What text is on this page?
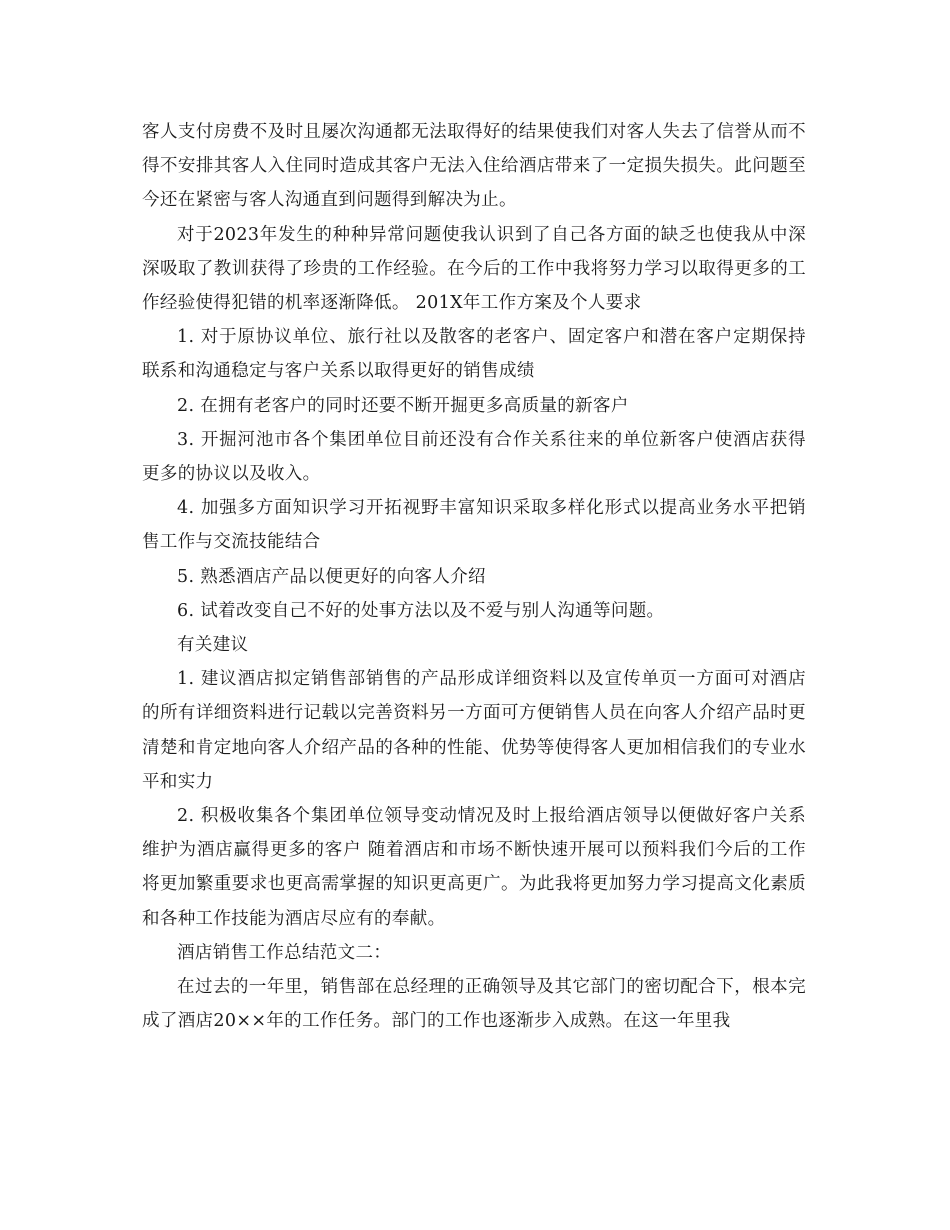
客人支付房费不及时且屡次沟通都无法取得好的结果使我们对客人失去了信誉从而不得不安排其客人入住同时造成其客户无法入住给酒店带来了一定损失损失。此问题至今还在紧密与客人沟通直到问题得到解决为止。

对于2023年发生的种种异常问题使我认识到了自己各方面的缺乏也使我从中深深吸取了教训获得了珍贵的工作经验。在今后的工作中我将努力学习以取得更多的工作经验使得犯错的机率逐渐降低。 201X年工作方案及个人要求

1. 对于原协议单位、旅行社以及散客的老客户、固定客户和潜在客户定期保持联系和沟通稳定与客户关系以取得更好的销售成绩

2. 在拥有老客户的同时还要不断开掘更多高质量的新客户

3. 开掘河池市各个集团单位目前还没有合作关系往来的单位新客户使酒店获得更多的协议以及收入。

4. 加强多方面知识学习开拓视野丰富知识采取多样化形式以提高业务水平把销售工作与交流技能结合

5. 熟悉酒店产品以便更好的向客人介绍

6. 试着改变自己不好的处事方法以及不爱与别人沟通等问题。

有关建议

1. 建议酒店拟定销售部销售的产品形成详细资料以及宣传单页一方面可对酒店的所有详细资料进行记载以完善资料另一方面可方便销售人员在向客人介绍产品时更清楚和肯定地向客人介绍产品的各种的性能、优势等使得客人更加相信我们的专业水平和实力

2. 积极收集各个集团单位领导变动情况及时上报给酒店领导以便做好客户关系维护为酒店赢得更多的客户 随着酒店和市场不断快速开展可以预料我们今后的工作将更加繁重要求也更高需掌握的知识更高更广。为此我将更加努力学习提高文化素质和各种工作技能为酒店尽应有的奉献。

酒店销售工作总结范文二：

在过去的一年里，销售部在总经理的正确领导及其它部门的密切配合下，根本完成了酒店20××年的工作任务。部门的工作也逐渐步入成熟。在这一年里我
